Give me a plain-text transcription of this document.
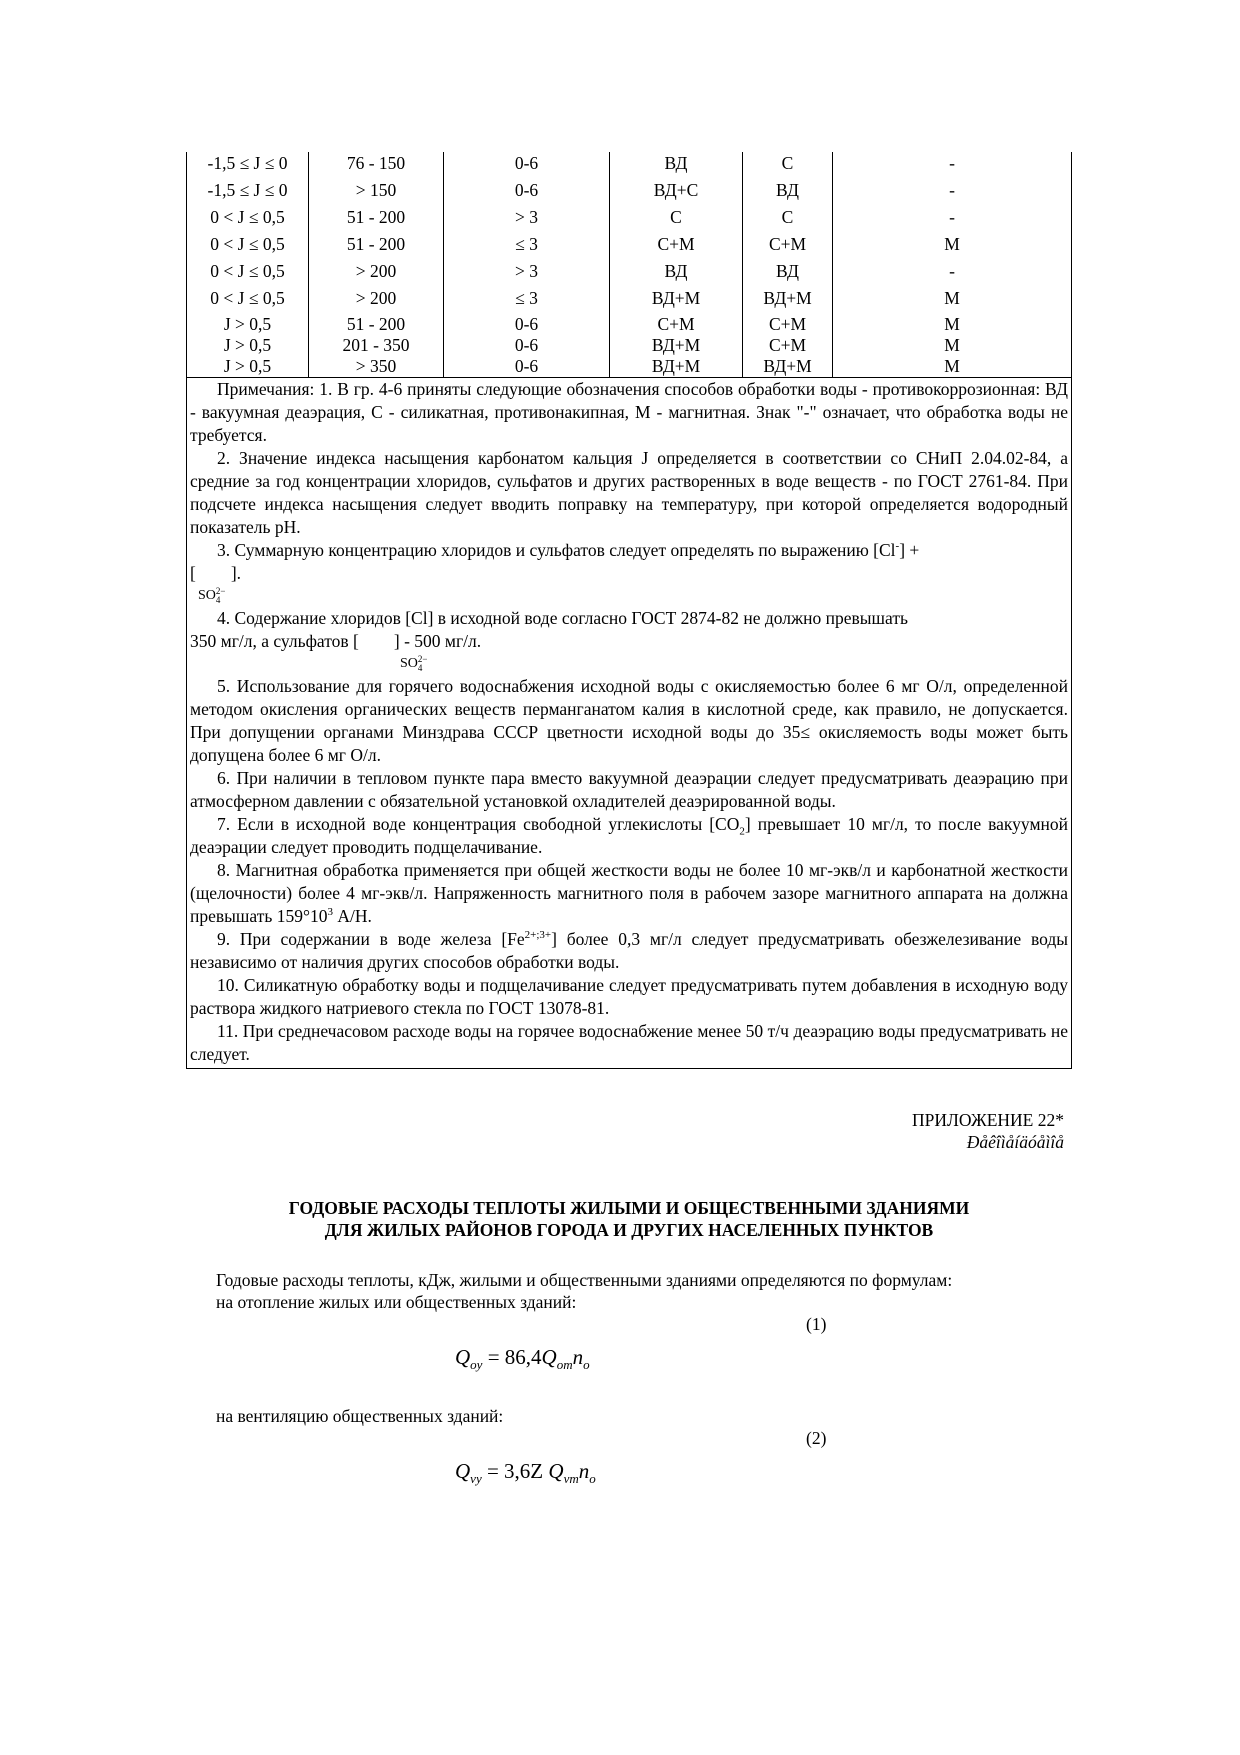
-1,5 ≤ J ≤ 0	76 - 150	0-6	ВД	С	-
-1,5 ≤ J ≤ 0	> 150	0-6	ВД+С	ВД	-
0 < J ≤ 0,5	51 - 200	> 3	С	С	-
0 < J ≤ 0,5	51 - 200	≤ 3	С+М	С+М	М
0 < J ≤ 0,5	> 200	> 3	ВД	ВД	-
0 < J ≤ 0,5	> 200	≤ 3	ВД+М	ВД+М	М
J > 0,5	51 - 200	0-6	С+М	С+М	М
J > 0,5	201 - 350	0-6	ВД+М	С+М	М
J > 0,5	> 350	0-6	ВД+М	ВД+М	М

Примечания: 1. В гр. 4-6 приняты следующие обозначения способов обработки воды - противокоррозионная: ВД - вакуумная деаэрация, С - силикатная, противонакипная, М - магнитная. Знак "-" означает, что обработка воды не требуется.

2. Значение индекса насыщения карбонатом кальция J определяется в соответствии со СНиП 2.04.02-84, а средние за год концентрации хлоридов, сульфатов и других растворенных в воде веществ - по ГОСТ 2761-84. При подсчете индекса насыщения следует вводить поправку на температуру, при которой определяется водородный показатель pH.

3. Суммарную концентрацию хлоридов и сульфатов следует определять по выражению [Cl-] +

[        ].
SO 2−
4

4. Содержание хлоридов [Cl] в исходной воде согласно ГОСТ 2874-82 не должно превышать

350 мг/л, а сульфатов [        ] - 500 мг/л.
SO 2−
4

5. Использование для горячего водоснабжения исходной воды с окисляемостью более 6 мг О/л, определенной методом окисления органических веществ перманганатом калия в кислотной среде, как правило, не допускается. При допущении органами Минздрава СССР цветности исходной воды до 35≤ окисляемость воды может быть допущена более 6 мг О/л.

6. При наличии в тепловом пункте пара вместо вакуумной деаэрации следует предусматривать деаэрацию при атмосферном давлении с обязательной установкой охладителей деаэрированной воды.

7. Если в исходной воде концентрация свободной углекислоты $[CO_2]$ превышает 10 мг/л, то после вакуумной деаэрации следует проводить подщелачивание.

8. Магнитная обработка применяется при общей жесткости воды не более 10 мг-экв/л и карбонатной жесткости (щелочности) более 4 мг-экв/л. Напряженность магнитного поля в рабочем зазоре магнитного аппарата на должна превышать $159^\circ 10^3$ А/Н.

9. При содержании в воде железа $[Fe^{2+;3+}]$ более 0,3 мг/л следует предусматривать обезжелезивание воды независимо от наличия других способов обработки воды.

10. Силикатную обработку воды и подщелачивание следует предусматривать путем добавления в исходную воду раствора жидкого натриевого стекла по ГОСТ 13078-81.

11. При среднечасовом расходе воды на горячее водоснабжение менее 50 т/ч деаэрацию воды предусматривать не следует.

ПРИЛОЖЕНИЕ 22*
Ðåêîìåíäóåìîå
ГОДОВЫЕ РАСХОДЫ ТЕПЛОТЫ ЖИЛЫМИ И ОБЩЕСТВЕННЫМИ ЗДАНИЯМИ
ДЛЯ ЖИЛЫХ РАЙОНОВ ГОРОДА И ДРУГИХ НАСЕЛЕННЫХ ПУНКТОВ

Годовые расходы теплоты, кДж, жилыми и общественными зданиями определяются по формулам:

на отопление жилых или общественных зданий:

(1)
$Q_{oy} = 86,4Q_{om}n_o$
на вентиляцию общественных зданий:
(2)
$Q_{vy} = 3,6Z$ $Q_{vm}n_o$
